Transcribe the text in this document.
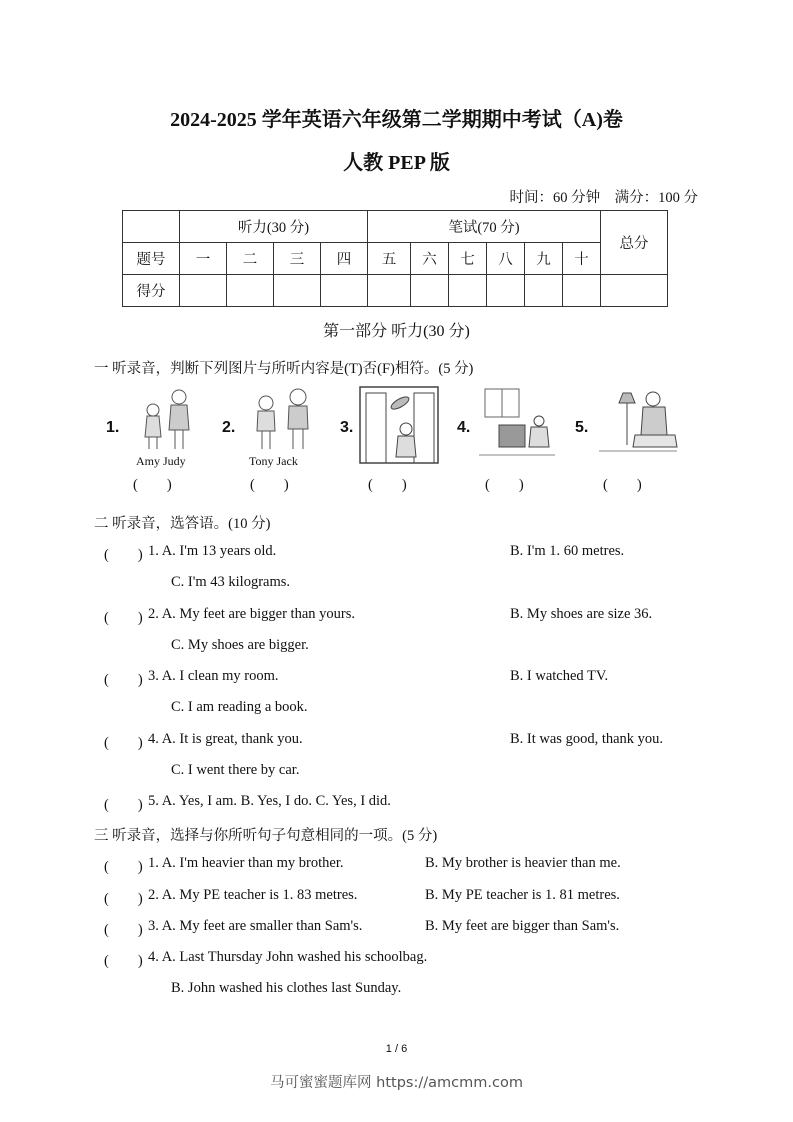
2024-2025 学年英语六年级第二学期期中考试（A)卷
人教 PEP 版
时间：60 分钟　满分：100 分
	听力(30 分)				笔试(70 分)						总分
题号	一	二	三	四	五	六	七	八	九	十	
得分											
第一部分 听力(30 分)
一 听录音，判断下列图片与所听内容是(T)否(F)相符。(5 分)
1.
Amy Judy
(　　)
2.
Tony Jack
(　　)
3.
(　　)
4.
(　　)
5.
(　　)
二 听录音，选答语。(10 分)
(　　) 1. A. I'm 13 years old.	B. I'm 1. 60 metres.
C. I'm 43 kilograms.
(　　) 2. A. My feet are bigger than yours.	B. My shoes are size 36.
C. My shoes are bigger.
(　　) 3. A. I clean my room.	B. I watched TV.
C. I am reading a book.
(　　) 4. A. It is great, thank you.	B. It was good, thank you.
C. I went there by car.
(　　) 5. A. Yes, I am. B. Yes, I do. C. Yes, I did.
三 听录音，选择与你所听句子句意相同的一项。(5 分)
(　　) 1. A. I'm heavier than my brother.	B. My brother is heavier than me.
(　　) 2. A. My PE teacher is 1. 83 metres.	B. My PE teacher is 1. 81 metres.
(　　) 3. A. My feet are smaller than Sam's.	B. My feet are bigger than Sam's.
(　　) 4. A. Last Thursday John washed his schoolbag.
B. John washed his clothes last Sunday.
1 / 6
马可蜜蜜题库网 https://amcmm.com
